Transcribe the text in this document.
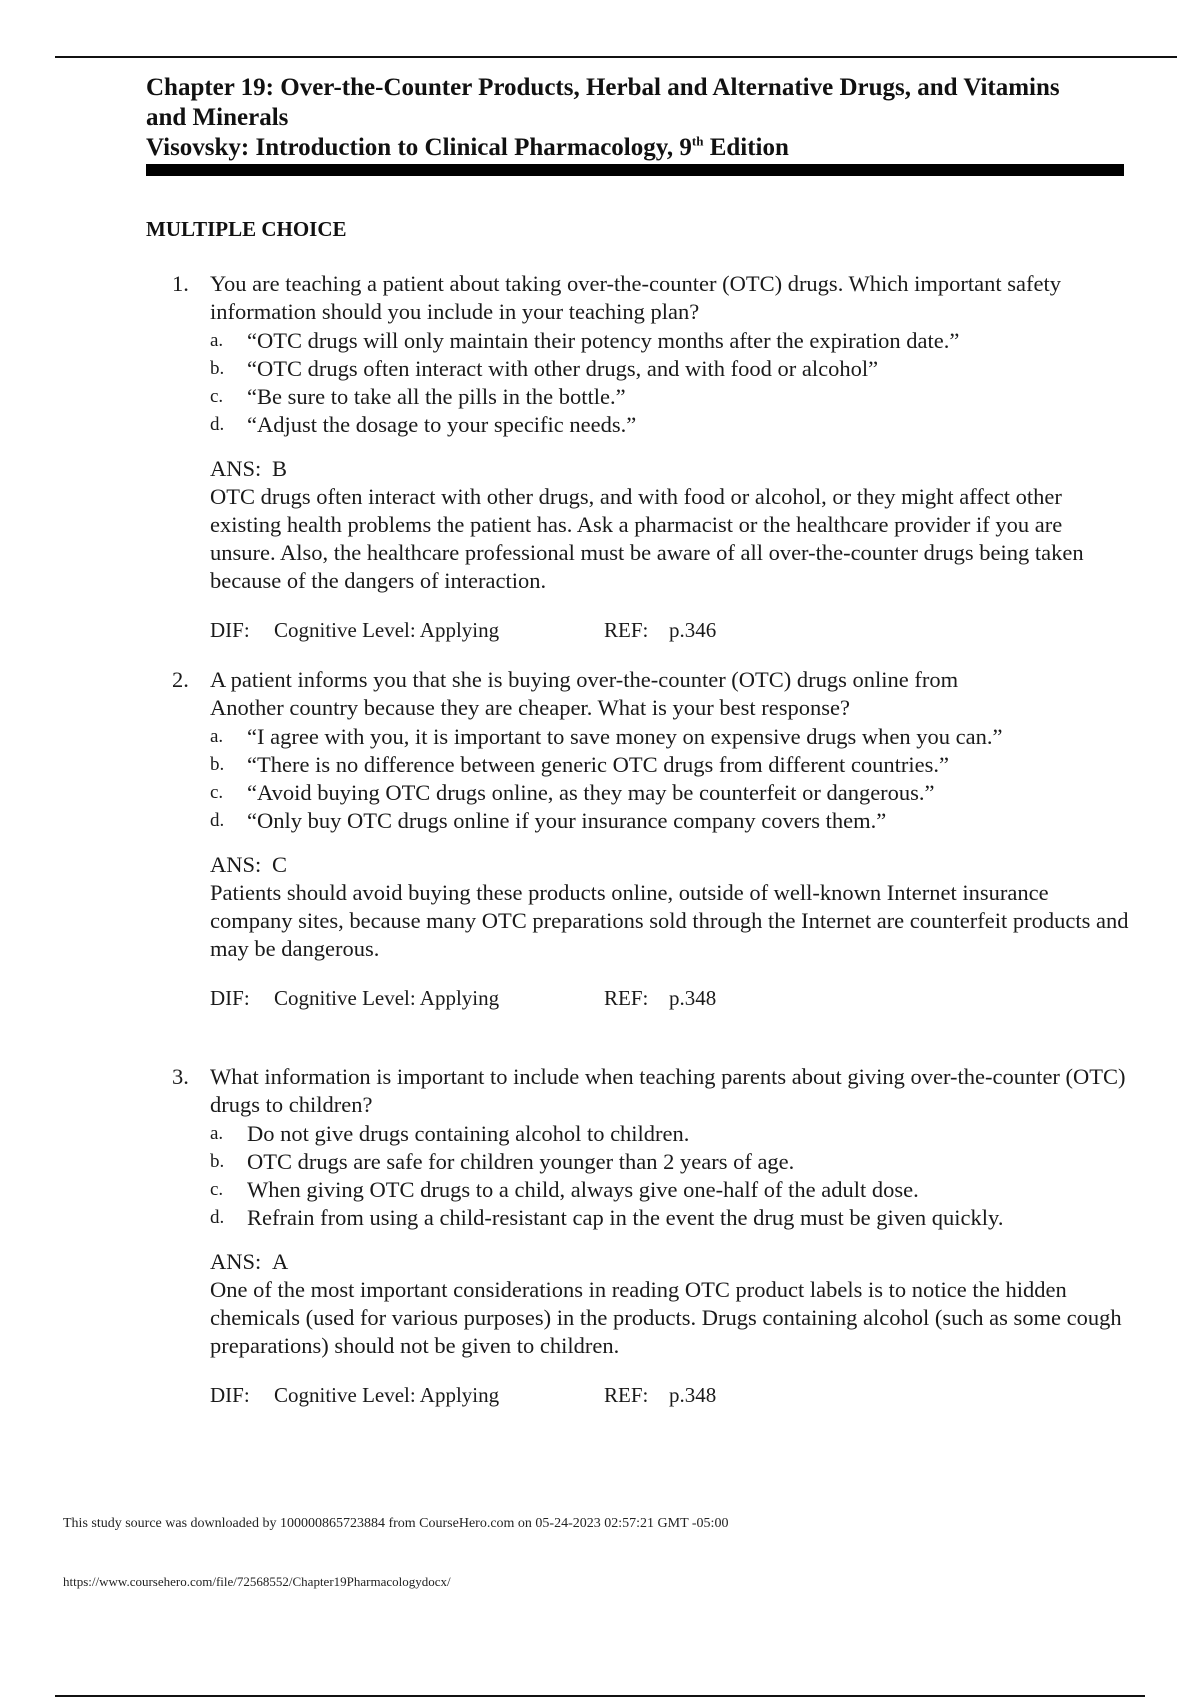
Chapter 19: Over-the-Counter Products, Herbal and Alternative Drugs, and Vitamins
and Minerals
Visovsky: Introduction to Clinical Pharmacology, 9th Edition
MULTIPLE CHOICE
1. You are teaching a patient about taking over-the-counter (OTC) drugs. Which important safety information should you include in your teaching plan?
a.	“OTC drugs will only maintain their potency months after the expiration date.”
b.	“OTC drugs often interact with other drugs, and with food or alcohol”
c.	“Be sure to take all the pills in the bottle.”
d.	“Adjust the dosage to your specific needs.”
ANS: B
OTC drugs often interact with other drugs, and with food or alcohol, or they might affect other existing health problems the patient has. Ask a pharmacist or the healthcare provider if you are unsure. Also, the healthcare professional must be aware of all over-the-counter drugs being taken because of the dangers of interaction.
DIF:	Cognitive Level: Applying	REF: p.346
2. A patient informs you that she is buying over-the-counter (OTC) drugs online from Another country because they are cheaper. What is your best response?
a.	“I agree with you, it is important to save money on expensive drugs when you can.”
b.	“There is no difference between generic OTC drugs from different countries.”
c.	“Avoid buying OTC drugs online, as they may be counterfeit or dangerous.”
d.	“Only buy OTC drugs online if your insurance company covers them.”
ANS: C
Patients should avoid buying these products online, outside of well-known Internet insurance company sites, because many OTC preparations sold through the Internet are counterfeit products and may be dangerous.
DIF:	Cognitive Level: Applying	REF: p.348
3. What information is important to include when teaching parents about giving over-the-counter (OTC) drugs to children?
a.	Do not give drugs containing alcohol to children.
b.	OTC drugs are safe for children younger than 2 years of age.
c.	When giving OTC drugs to a child, always give one-half of the adult dose.
d.	Refrain from using a child-resistant cap in the event the drug must be given quickly.
ANS: A
One of the most important considerations in reading OTC product labels is to notice the hidden chemicals (used for various purposes) in the products. Drugs containing alcohol (such as some cough preparations) should not be given to children.
DIF:	Cognitive Level: Applying	REF: p.348
This study source was downloaded by 100000865723884 from CourseHero.com on 05-24-2023 02:57:21 GMT -05:00
https://www.coursehero.com/file/72568552/Chapter19Pharmacologydocx/
